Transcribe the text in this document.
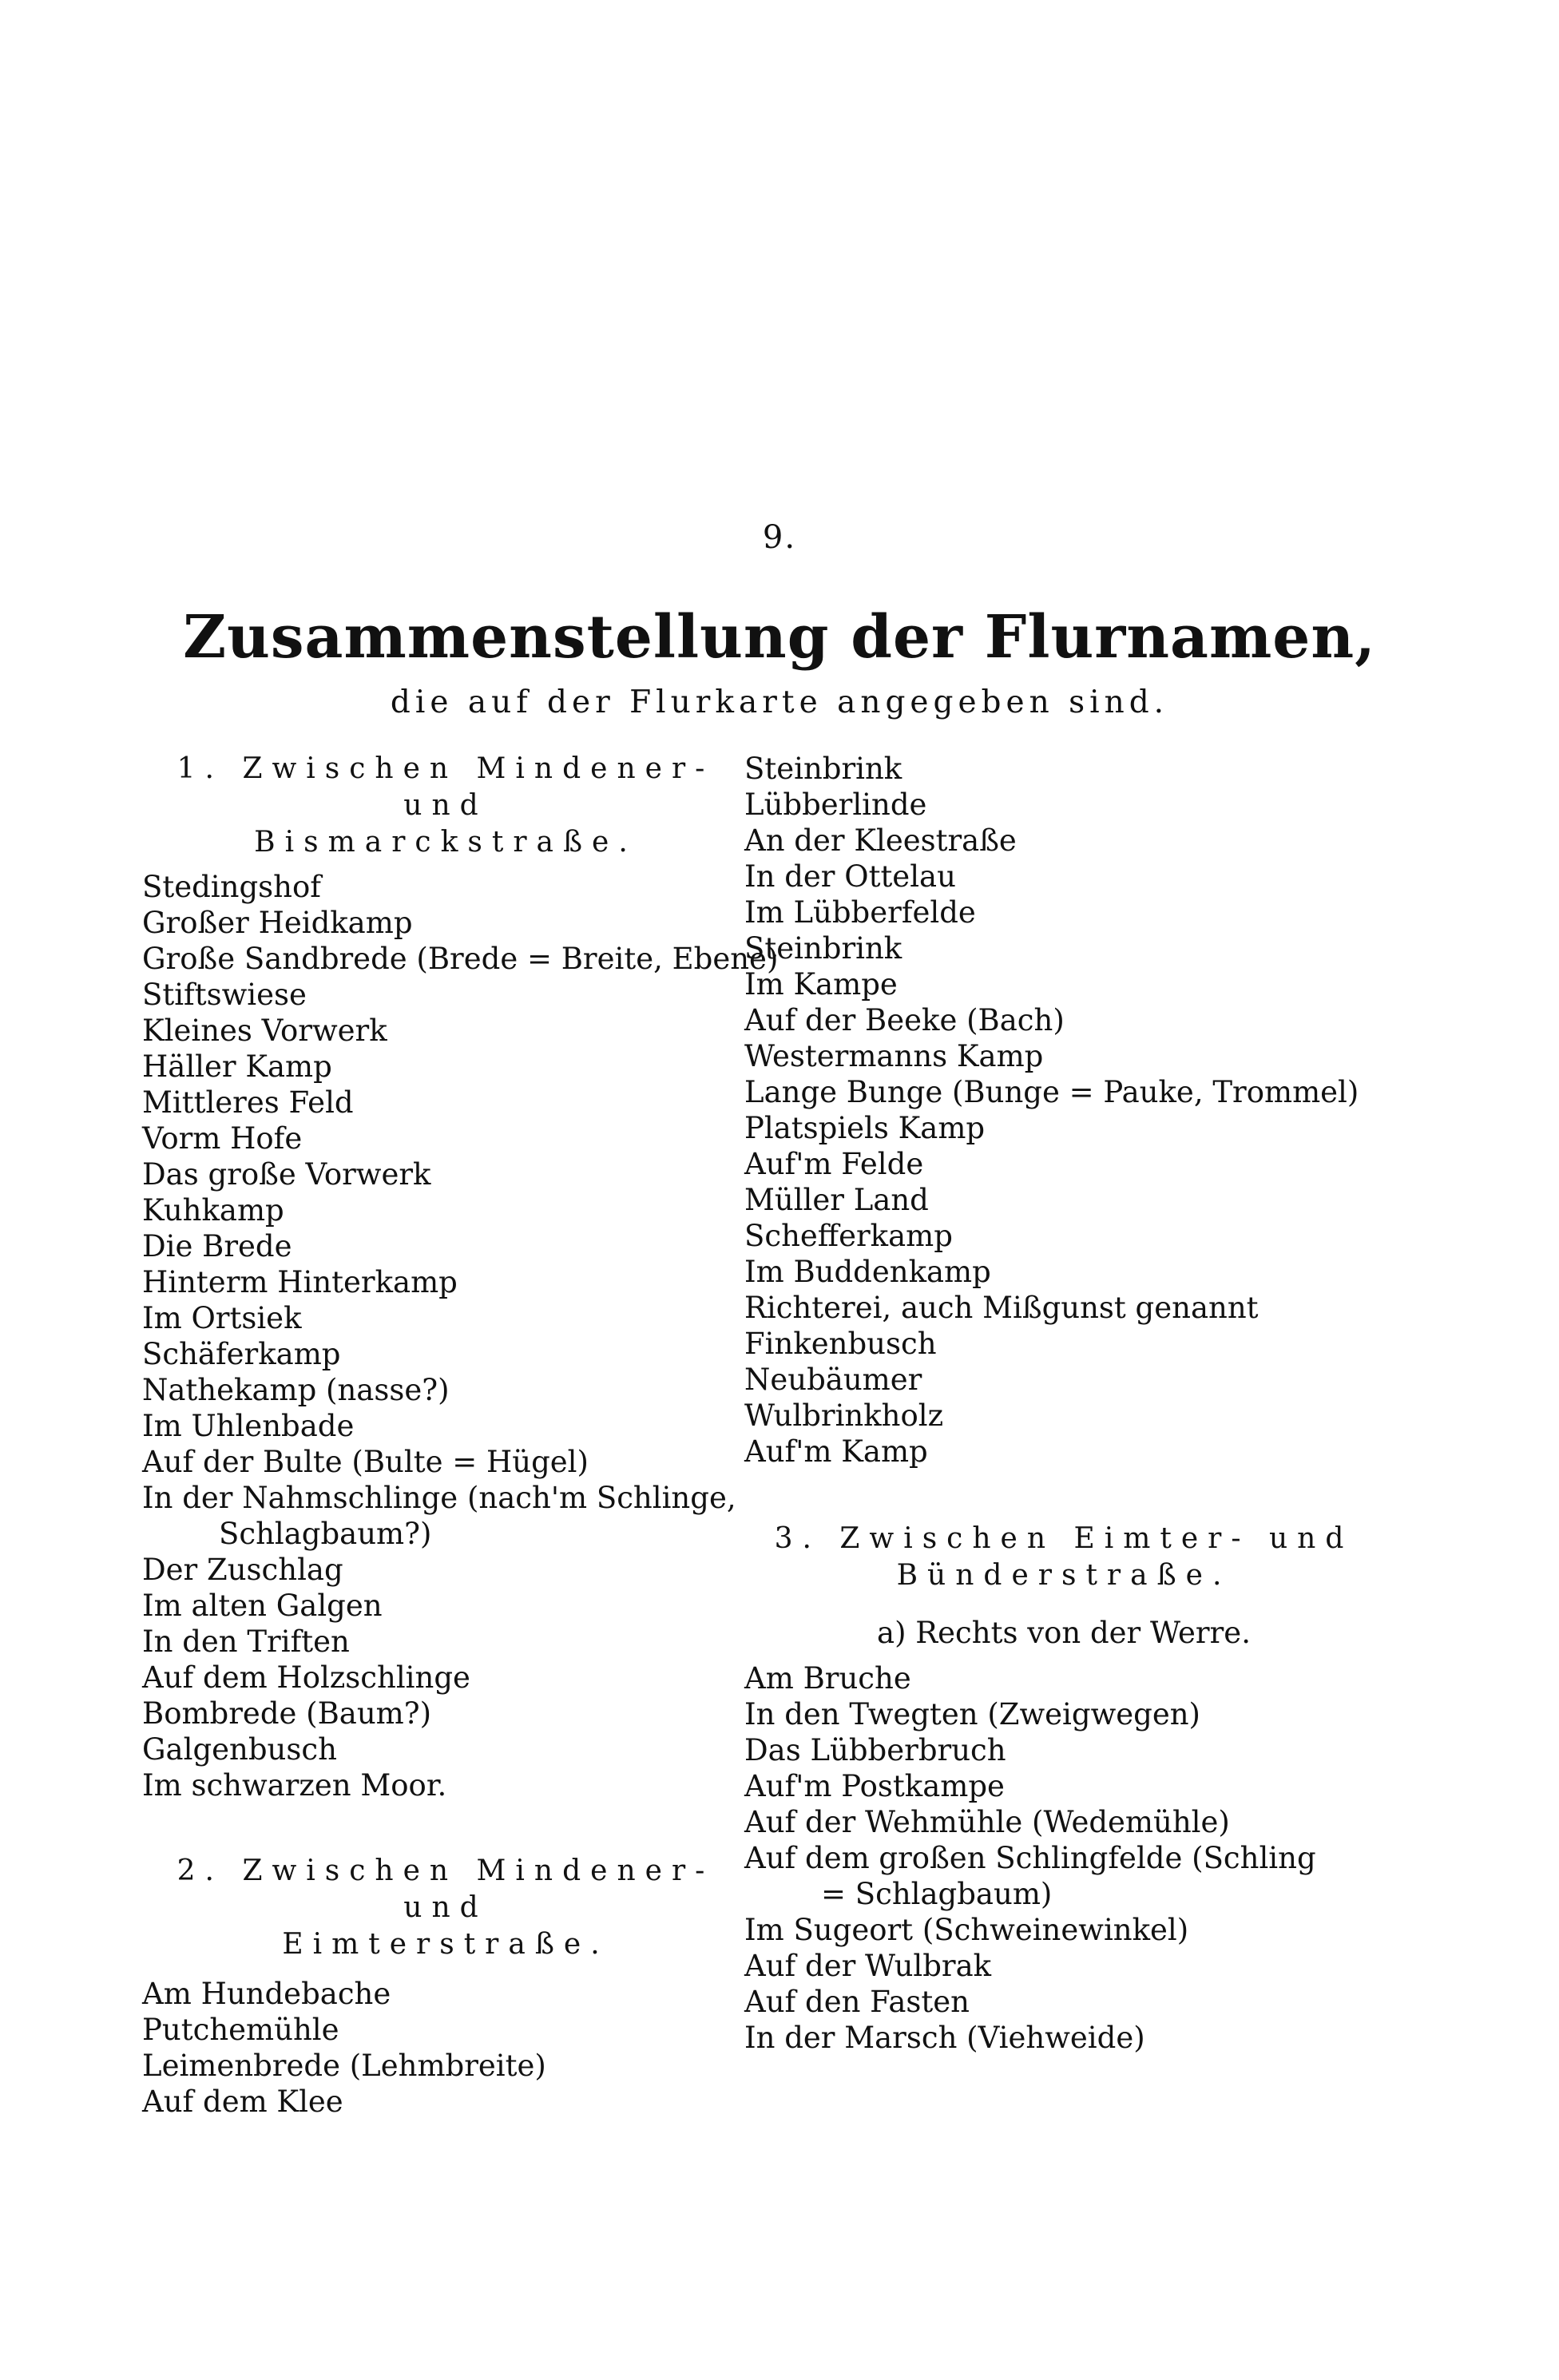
9.
Zusammenstellung der Flurnamen,
die auf der Flurkarte angegeben sind.
1. Zwischen Mindener- und
Bismarckstraße.
Stedingshof
Großer Heidkamp
Große Sandbrede (Brede = Breite, Ebene)
Stiftswiese
Kleines Vorwerk
Häller Kamp
Mittleres Feld
Vorm Hofe
Das große Vorwerk
Kuhkamp
Die Brede
Hinterm Hinterkamp
Im Ortsiek
Schäferkamp
Nathekamp (nasse?)
Im Uhlenbade
Auf der Bulte (Bulte = Hügel)
In der Nahmschlinge (nach'm Schlinge,
Schlagbaum?)
Der Zuschlag
Im alten Galgen
In den Triften
Auf dem Holzschlinge
Bombrede (Baum?)
Galgenbusch
Im schwarzen Moor.
2. Zwischen Mindener- und
Eimterstraße.
Am Hundebache
Putchemühle
Leimenbrede (Lehmbreite)
Auf dem Klee
Steinbrink
Lübberlinde
An der Kleestraße
In der Ottelau
Im Lübberfelde
Steinbrink
Im Kampe
Auf der Beeke (Bach)
Westermanns Kamp
Lange Bunge (Bunge = Pauke, Trommel)
Platspiels Kamp
Auf'm Felde
Müller Land
Schefferkamp
Im Buddenkamp
Richterei, auch Mißgunst genannt
Finkenbusch
Neubäumer
Wulbrinkholz
Auf'm Kamp
3. Zwischen Eimter- und
Bünderstraße.
a) Rechts von der Werre.
Am Bruche
In den Twegten (Zweigwegen)
Das Lübberbruch
Auf'm Postkampe
Auf der Wehmühle (Wedemühle)
Auf dem großen Schlingfelde (Schling
= Schlagbaum)
Im Sugeort (Schweinewinkel)
Auf der Wulbrak
Auf den Fasten
In der Marsch (Viehweide)
